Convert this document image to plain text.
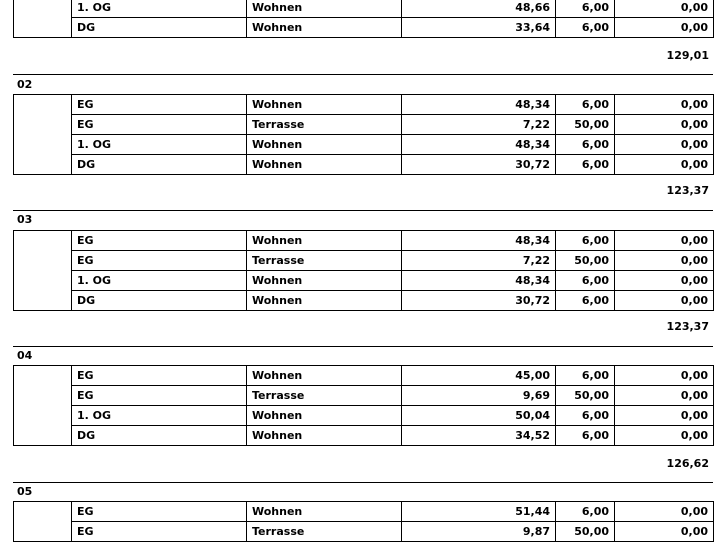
	1. OG	Wohnen	48,66	6,00	0,00	
	DG	Wohnen	33,64	6,00	0,00	
129,01
02
	EG	Wohnen	48,34	6,00	0,00	
	EG	Terrasse	7,22	50,00	0,00	
	1. OG	Wohnen	48,34	6,00	0,00	
	DG	Wohnen	30,72	6,00	0,00	
123,37
03
	EG	Wohnen	48,34	6,00	0,00	
	EG	Terrasse	7,22	50,00	0,00	
	1. OG	Wohnen	48,34	6,00	0,00	
	DG	Wohnen	30,72	6,00	0,00	
123,37
04
	EG	Wohnen	45,00	6,00	0,00	
	EG	Terrasse	9,69	50,00	0,00	
	1. OG	Wohnen	50,04	6,00	0,00	
	DG	Wohnen	34,52	6,00	0,00	
126,62
05
	EG	Wohnen	51,44	6,00	0,00	
	EG	Terrasse	9,87	50,00	0,00	
